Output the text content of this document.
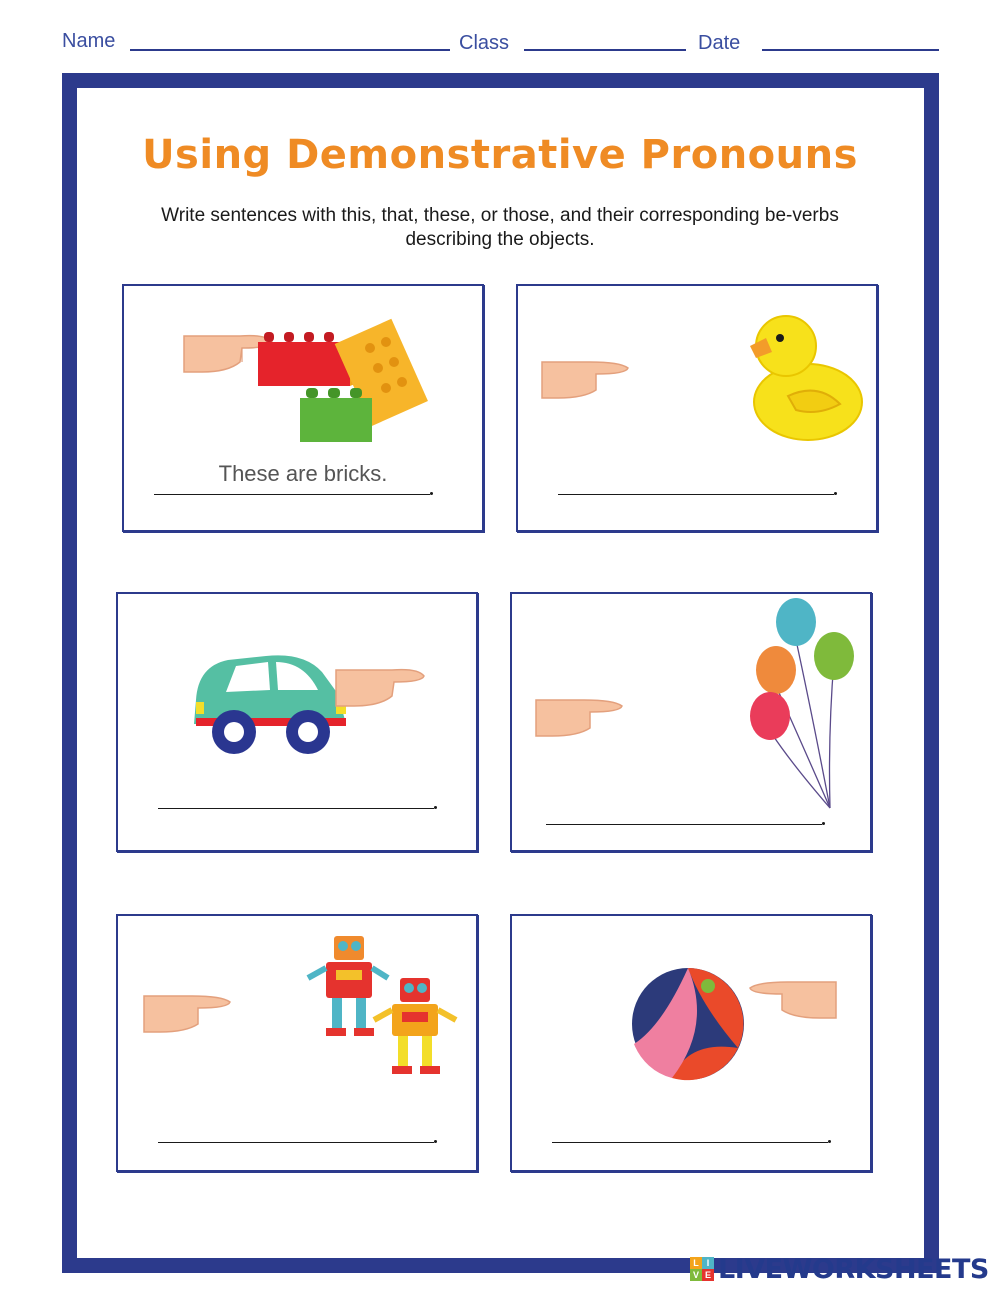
Name	Class	Date
Using Demonstrative Pronouns
Write sentences with this, that, these, or those, and their corresponding be-verbs describing the objects.
These are bricks.
L I
V E LIVEWORKSHEETS
